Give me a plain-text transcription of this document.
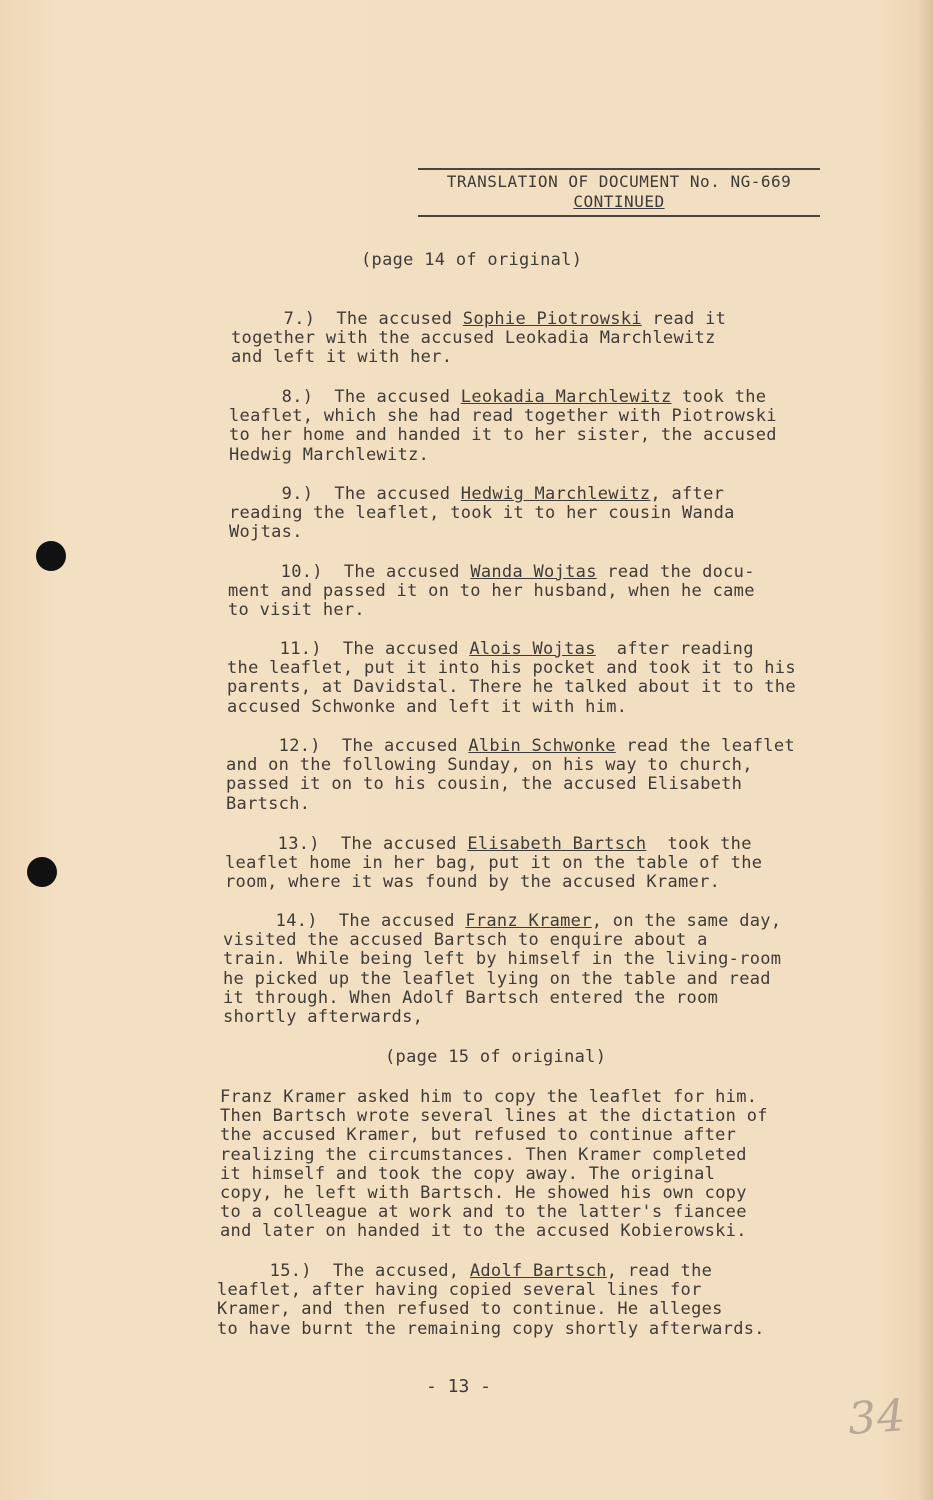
TRANSLATION OF DOCUMENT No. NG-669
CONTINUED
(page 14 of original)
7.)  The accused Sophie Piotrowski read it
together with the accused Leokadia Marchlewitz
and left it with her.
8.)  The accused Leokadia Marchlewitz took the
leaflet, which she had read together with Piotrowski
to her home and handed it to her sister, the accused
Hedwig Marchlewitz.
9.)  The accused Hedwig Marchlewitz, after
reading the leaflet, took it to her cousin Wanda
Wojtas.
10.)  The accused Wanda Wojtas read the docu-
ment and passed it on to her husband, when he came
to visit her.
11.)  The accused Alois Wojtas  after reading
the leaflet, put it into his pocket and took it to his
parents, at Davidstal. There he talked about it to the
accused Schwonke and left it with him.
12.)  The accused Albin Schwonke read the leaflet
and on the following Sunday, on his way to church,
passed it on to his cousin, the accused Elisabeth
Bartsch.
13.)  The accused Elisabeth Bartsch  took the
leaflet home in her bag, put it on the table of the
room, where it was found by the accused Kramer.
14.)  The accused Franz Kramer, on the same day,
visited the accused Bartsch to enquire about a
train. While being left by himself in the living-room
he picked up the leaflet lying on the table and read
it through. When Adolf Bartsch entered the room
shortly afterwards,
(page 15 of original)
Franz Kramer asked him to copy the leaflet for him.
Then Bartsch wrote several lines at the dictation of
the accused Kramer, but refused to continue after
realizing the circumstances. Then Kramer completed
it himself and took the copy away. The original
copy, he left with Bartsch. He showed his own copy
to a colleague at work and to the latter's fiancee
and later on handed it to the accused Kobierowski.
15.)  The accused, Adolf Bartsch, read the
leaflet, after having copied several lines for
Kramer, and then refused to continue. He alleges
to have burnt the remaining copy shortly afterwards.
- 13 -
34
